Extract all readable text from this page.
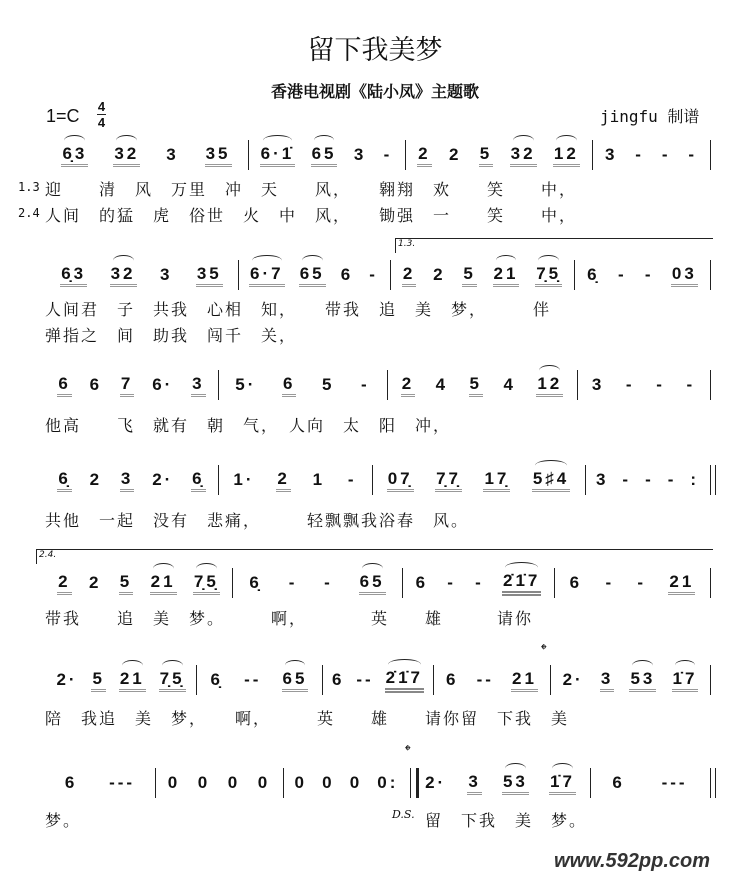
留下我美梦
香港电视剧《陆小凤》主题歌
1=C 4
4	jingfu 制谱
6̣3 32 3 35 6·1̇ 65 3 - 2 2 5 32 12 3 - - -
6̣3 32 3 35 6·7 65 6 - 2 2 5 21 7̣5̣ 6̣ - - 03
6 6 7 6· 3 5· 6 5 - 2 4 5 4 12 3 - - -
6̣ 2 3 2· 6̣ 1· 2 1 - 07̣ 7̣7̣ 17̣ 5♯4 3 - - - :
2 2 5 21 7̣5̣ 6̣ - - 65 6 - - 2̇1̇7 6 - - 21
2· 5 21 7̣5̣ 6̣ -- 65 6 -- 2̇1̇7 6 -- 21 2· 3 53 1̇7
6 --- 0 0 0 0 0 0 0 0: 2· 3 53 1̇7 6 ---
1.3.
2.4.
𝄌
𝄌
1.3
2.4
迎　　清　风　万里　冲　天　　风，　　翱翔　欢　　笑　　中，
人间　的猛　虎　俗世　火　中　风，　　锄强　一　　笑　　中，
人间君　子　共我　心相　知，　　带我　追　美　梦，　　　伴
弹指之　间　助我　闯千　关，
他高　　飞　就有　朝　气，　人向　太　阳　冲，
共他　一起　没有　悲痛，　　　轻飘飘我浴春　风。
带我　　追　美　梦。　　　啊，　　　　英　　雄　　　请你
陪　我追　美　梦，　　啊，　　　英　　雄　　请你留　下我　美
梦。	D.S. 留　下我　美　梦。
www.592pp.com
